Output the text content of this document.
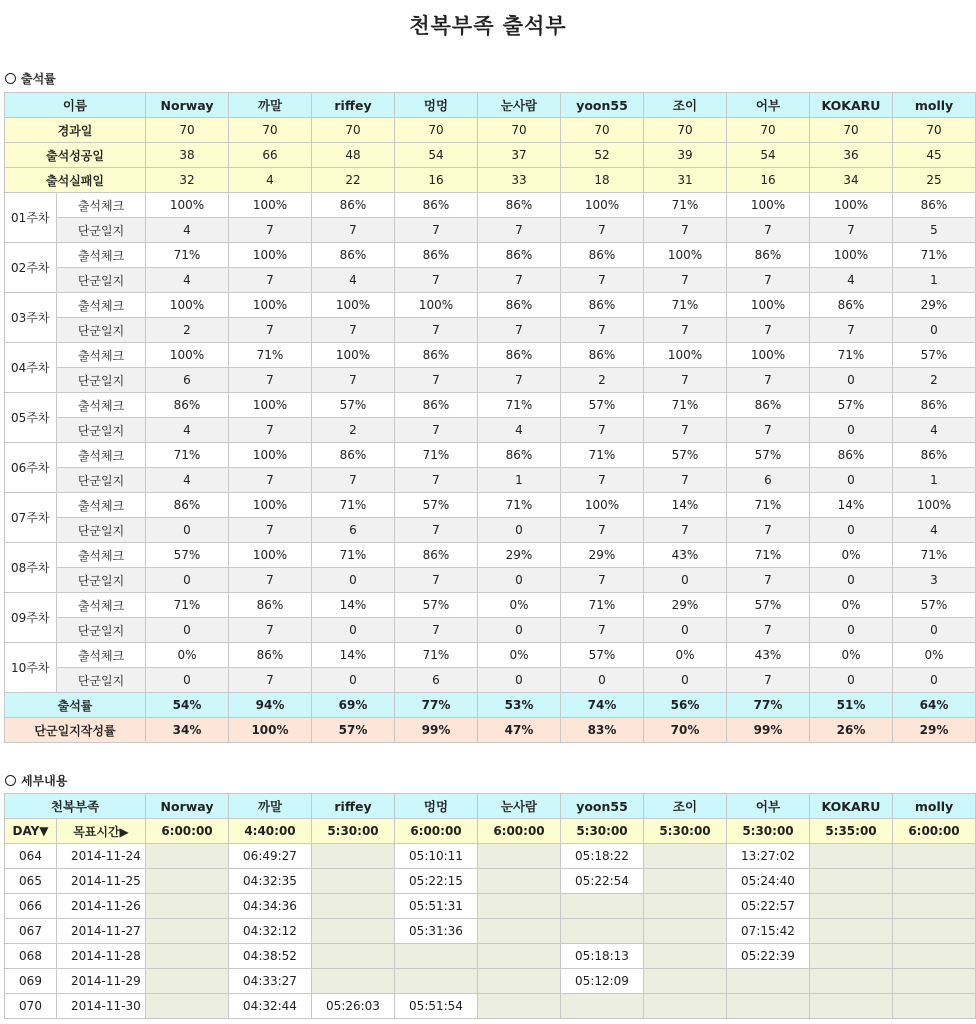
천복부족 출석부
출석률
이름		Norway	까말	riffey	멍멍	눈사람	yoon55	조이	어부	KOKARU	molly
경과일		70	70	70	70	70	70	70	70	70	70
출석성공일		38	66	48	54	37	52	39	54	36	45
출석실패일		32	4	22	16	33	18	31	16	34	25
01주차	출석체크	100%	100%	86%	86%	86%	100%	71%	100%	100%	86%
	단군일지	4	7	7	7	7	7	7	7	7	5
02주차	출석체크	71%	100%	86%	86%	86%	86%	100%	86%	100%	71%
	단군일지	4	7	4	7	7	7	7	7	4	1
03주차	출석체크	100%	100%	100%	100%	86%	86%	71%	100%	86%	29%
	단군일지	2	7	7	7	7	7	7	7	7	0
04주차	출석체크	100%	71%	100%	86%	86%	86%	100%	100%	71%	57%
	단군일지	6	7	7	7	7	2	7	7	0	2
05주차	출석체크	86%	100%	57%	86%	71%	57%	71%	86%	57%	86%
	단군일지	4	7	2	7	4	7	7	7	0	4
06주차	출석체크	71%	100%	86%	71%	86%	71%	57%	57%	86%	86%
	단군일지	4	7	7	7	1	7	7	6	0	1
07주차	출석체크	86%	100%	71%	57%	71%	100%	14%	71%	14%	100%
	단군일지	0	7	6	7	0	7	7	7	0	4
08주차	출석체크	57%	100%	71%	86%	29%	29%	43%	71%	0%	71%
	단군일지	0	7	0	7	0	7	0	7	0	3
09주차	출석체크	71%	86%	14%	57%	0%	71%	29%	57%	0%	57%
	단군일지	0	7	0	7	0	7	0	7	0	0
10주차	출석체크	0%	86%	14%	71%	0%	57%	0%	43%	0%	0%
	단군일지	0	7	0	6	0	0	0	7	0	0
출석률		54%	94%	69%	77%	53%	74%	56%	77%	51%	64%
단군일지작성률		34%	100%	57%	99%	47%	83%	70%	99%	26%	29%
세부내용
천복부족		Norway	까말	riffey	멍멍	눈사람	yoon55	조이	어부	KOKARU	molly
DAY▼	목표시간▶	6:00:00	4:40:00	5:30:00	6:00:00	6:00:00	5:30:00	5:30:00	5:30:00	5:35:00	6:00:00
064	2014-11-24		06:49:27		05:10:11		05:18:22		13:27:02		
065	2014-11-25		04:32:35		05:22:15		05:22:54		05:24:40		
066	2014-11-26		04:34:36		05:51:31				05:22:57		
067	2014-11-27		04:32:12		05:31:36				07:15:42		
068	2014-11-28		04:38:52				05:18:13		05:22:39		
069	2014-11-29		04:33:27				05:12:09				
070	2014-11-30		04:32:44	05:26:03	05:51:54						
